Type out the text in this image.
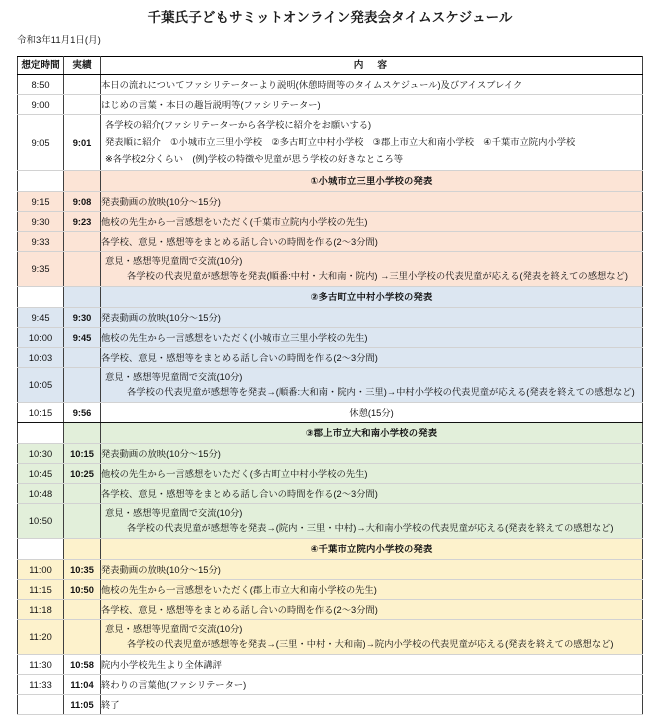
千葉氏子どもサミットオンライン発表会タイムスケジュール

令和3年11月1日(月)

想定時間	実績	内　容
8:50		本日の流れについてファシリテーターより説明(休憩時間等のタイムスケジュール)及びアイスブレイク
9:00		はじめの言葉・本日の趣旨説明等(ファシリテーター)
9:05	9:01	各学校の紹介(ファシリテーターから各学校に紹介をお願いする)
発表順に紹介　①小城市立三里小学校　②多古町立中村小学校　③郡上市立大和南小学校　④千葉市立院内小学校
※各学校2分くらい　(例)学校の特徴や児童が思う学校の好きなところ等

		①小城市立三里小学校の発表
9:15	9:08	発表動画の放映(10分～15分)
9:30	9:23	他校の先生から一言感想をいただく(千葉市立院内小学校の先生)
9:33		各学校、意見・感想等をまとめる話し合いの時間を作る(2～3分間)
9:35		意見・感想等児童間で交流(10分)
各学校の代表児童が感想等を発表(順番:中村・大和南・院内) →三里小学校の代表児童が応える(発表を終えての感想など)

		②多古町立中村小学校の発表
9:45	9:30	発表動画の放映(10分～15分)
10:00	9:45	他校の先生から一言感想をいただく(小城市立三里小学校の先生)
10:03		各学校、意見・感想等をまとめる話し合いの時間を作る(2～3分間)
10:05		意見・感想等児童間で交流(10分)
各学校の代表児童が感想等を発表→(順番:大和南・院内・三里)→中村小学校の代表児童が応える(発表を終えての感想など)

10:15	9:56	休憩(15分)
		③郡上市立大和南小学校の発表
10:30	10:15	発表動画の放映(10分～15分)
10:45	10:25	他校の先生から一言感想をいただく(多古町立中村小学校の先生)
10:48		各学校、意見・感想等をまとめる話し合いの時間を作る(2～3分間)
10:50		意見・感想等児童間で交流(10分)
各学校の代表児童が感想等を発表→(院内・三里・中村)→大和南小学校の代表児童が応える(発表を終えての感想など)

		④千葉市立院内小学校の発表
11:00	10:35	発表動画の放映(10分～15分)
11:15	10:50	他校の先生から一言感想をいただく(郡上市立大和南小学校の先生)
11:18		各学校、意見・感想等をまとめる話し合いの時間を作る(2～3分間)
11:20		意見・感想等児童間で交流(10分)
各学校の代表児童が感想等を発表→(三里・中村・大和南)→院内小学校の代表児童が応える(発表を終えての感想など)

11:30	10:58	院内小学校先生より全体講評
11:33	11:04	終わりの言葉他(ファシリテーター)
	11:05	終了
